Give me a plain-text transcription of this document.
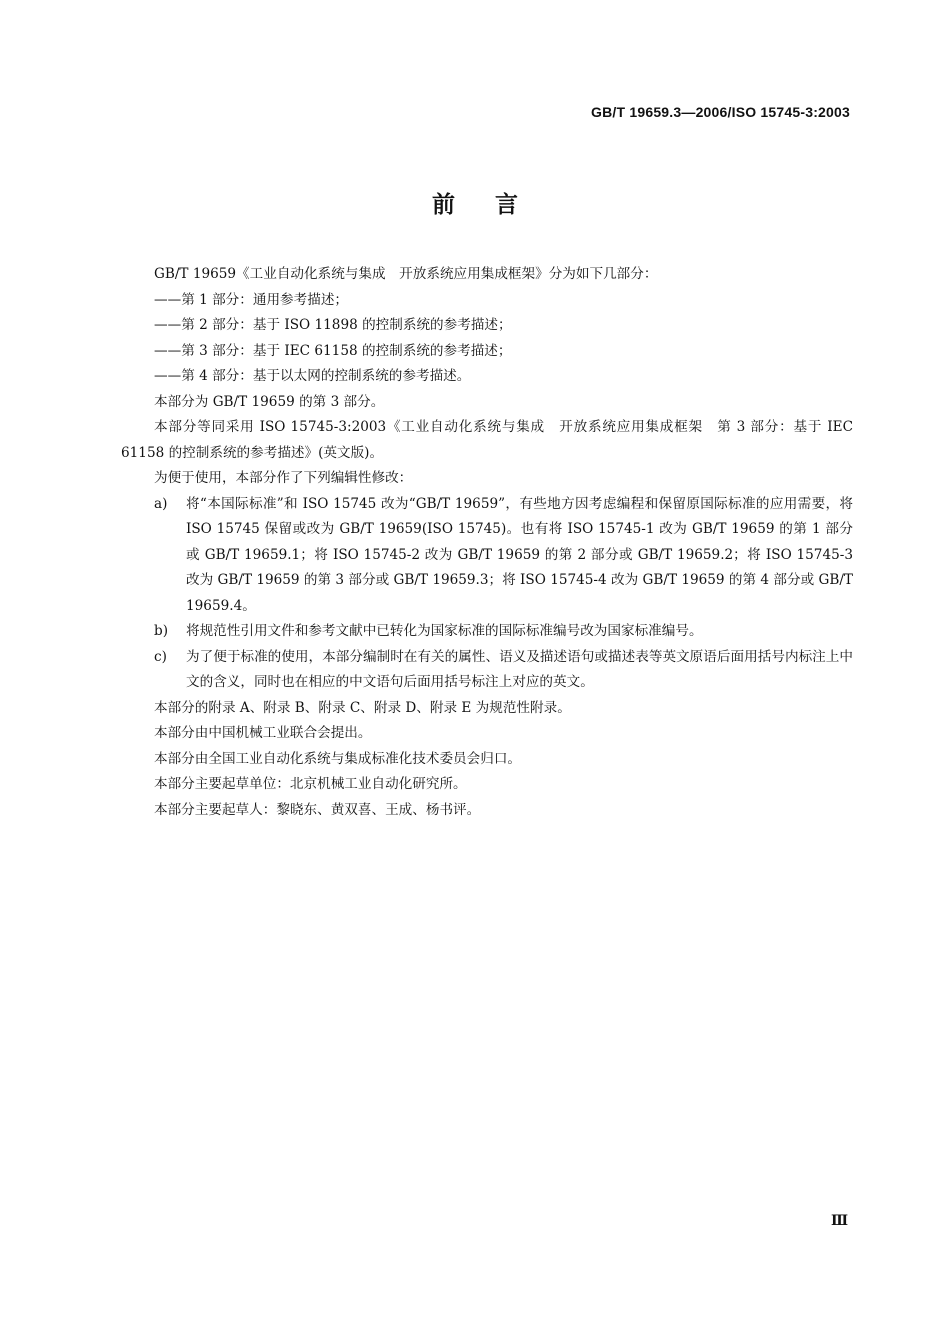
GB/T 19659.3—2006/ISO 15745-3:2003
前 言

GB/T 19659《工业自动化系统与集成　开放系统应用集成框架》分为如下几部分：

——第 1 部分：通用参考描述；

——第 2 部分：基于 ISO 11898 的控制系统的参考描述；

——第 3 部分：基于 IEC 61158 的控制系统的参考描述；

——第 4 部分：基于以太网的控制系统的参考描述。

本部分为 GB/T 19659 的第 3 部分。

本部分等同采用 ISO 15745-3:2003《工业自动化系统与集成　开放系统应用集成框架　第 3 部分：基于 IEC 61158 的控制系统的参考描述》(英文版)。

为便于使用，本部分作了下列编辑性修改：

a)	将“本国际标准”和 ISO 15745 改为“GB/T 19659”，有些地方因考虑编程和保留原国际标准的应用需要，将 ISO 15745 保留或改为 GB/T 19659(ISO 15745)。也有将 ISO 15745-1 改为 GB/T 19659 的第 1 部分或 GB/T 19659.1；将 ISO 15745-2 改为 GB/T 19659 的第 2 部分或 GB/T 19659.2；将 ISO 15745-3 改为 GB/T 19659 的第 3 部分或 GB/T 19659.3；将 ISO 15745-4 改为 GB/T 19659 的第 4 部分或 GB/T 19659.4。
b)	将规范性引用文件和参考文献中已转化为国家标准的国际标准编号改为国家标准编号。
c)	为了便于标准的使用，本部分编制时在有关的属性、语义及描述语句或描述表等英文原语后面用括号内标注上中文的含义，同时也在相应的中文语句后面用括号标注上对应的英文。

本部分的附录 A、附录 B、附录 C、附录 D、附录 E 为规范性附录。

本部分由中国机械工业联合会提出。

本部分由全国工业自动化系统与集成标准化技术委员会归口。

本部分主要起草单位：北京机械工业自动化研究所。

本部分主要起草人：黎晓东、黄双喜、王成、杨书评。

Ⅲ
